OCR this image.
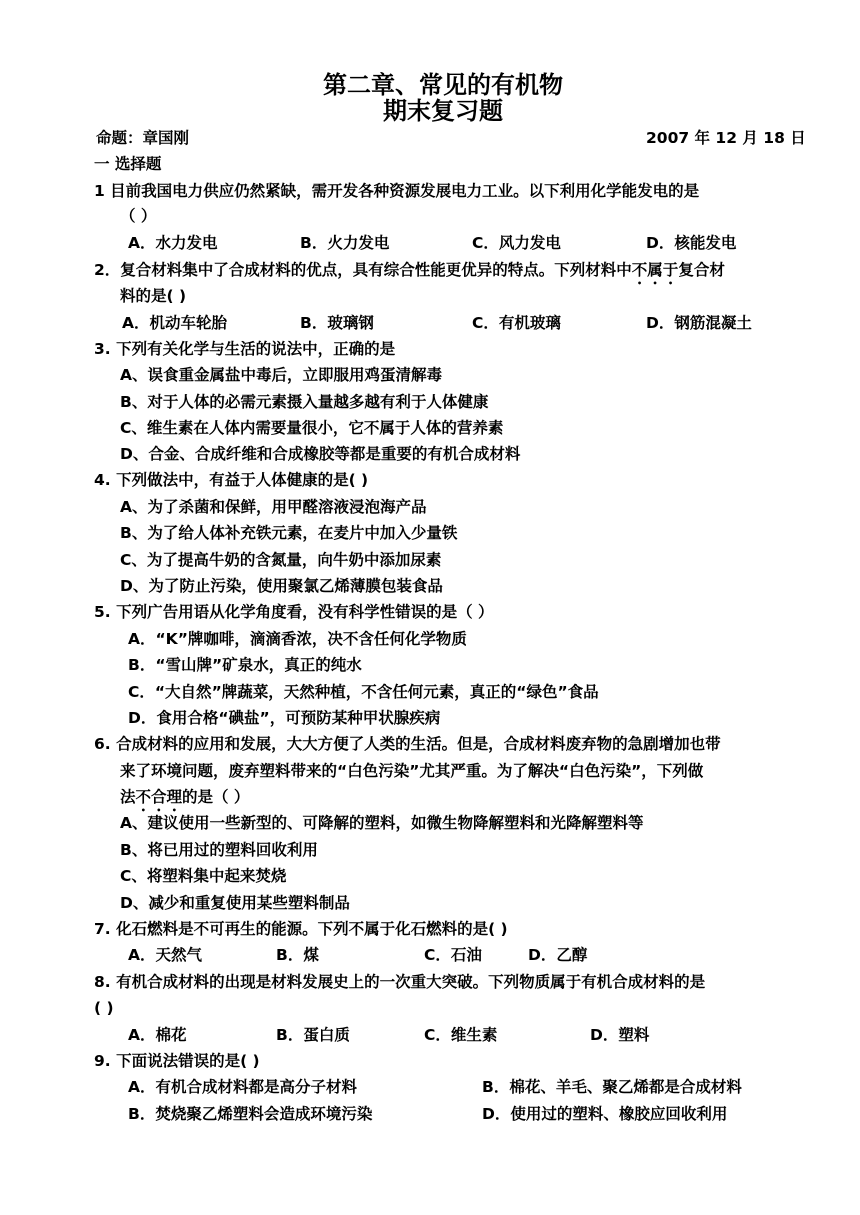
第二章、常见的有机物
期末复习题
命题：章国刚	2007 年 12 月 18 日
一 选择题
1 目前我国电力供应仍然紧缺，需开发各种资源发展电力工业。以下利用化学能发电的是
（ ）
A．水力发电	B．火力发电	C．风力发电	D．核能发电
2．复合材料集中了合成材料的优点，具有综合性能更优异的特点。下列材料中不属于复合材
料的是( )
A．机动车轮胎	B．玻璃钢	C．有机玻璃	D．钢筋混凝土
3. 下列有关化学与生活的说法中，正确的是
A、误食重金属盐中毒后，立即服用鸡蛋清解毒
B、对于人体的必需元素摄入量越多越有利于人体健康
C、维生素在人体内需要量很小，它不属于人体的营养素
D、合金、合成纤维和合成橡胶等都是重要的有机合成材料
4. 下列做法中，有益于人体健康的是( )
A、为了杀菌和保鲜，用甲醛溶液浸泡海产品
B、为了给人体补充铁元素，在麦片中加入少量铁
C、为了提高牛奶的含氮量，向牛奶中添加尿素
D、为了防止污染，使用聚氯乙烯薄膜包装食品
5. 下列广告用语从化学角度看，没有科学性错误的是（ ）
A．“K”牌咖啡，滴滴香浓，决不含任何化学物质
B．“雪山牌”矿泉水，真正的纯水
C．“大自然”牌蔬菜，天然种植，不含任何元素，真正的“绿色”食品
D．食用合格“碘盐”，可预防某种甲状腺疾病
6. 合成材料的应用和发展，大大方便了人类的生活。但是，合成材料废弃物的急剧增加也带
来了环境问题，废弃塑料带来的“白色污染”尤其严重。为了解决“白色污染”，下列做
法不合理的是（ ）
A、建议使用一些新型的、可降解的塑料，如微生物降解塑料和光降解塑料等
B、将已用过的塑料回收利用
C、将塑料集中起来焚烧
D、减少和重复使用某些塑料制品
7. 化石燃料是不可再生的能源。下列不属于化石燃料的是( )
A．天然气	B．煤	C．石油	D．乙醇
8. 有机合成材料的出现是材料发展史上的一次重大突破。下列物质属于有机合成材料的是
( )
A．棉花	B．蛋白质	C．维生素	D．塑料
9. 下面说法错误的是( )
A．有机合成材料都是高分子材料	B．棉花、羊毛、聚乙烯都是合成材料
B．焚烧聚乙烯塑料会造成环境污染	D．使用过的塑料、橡胶应回收利用
